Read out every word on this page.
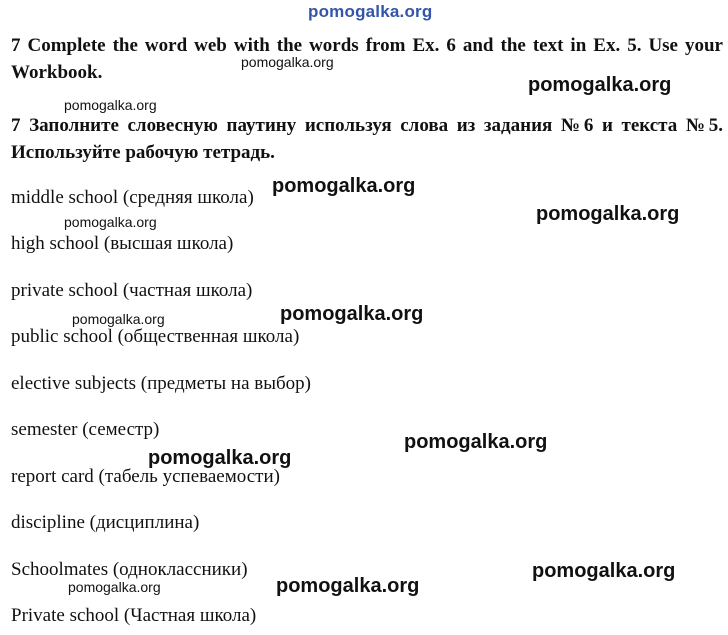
pomogalka.org
7 Complete the word web with the words from Ex. 6 and the text in Ex. 5. Use your Workbook.
7 Заполните словесную паутину используя слова из задания №6 и текста №5. Используйте рабочую тетрадь.
middle school (средняя школа)
high school (высшая школа)
private school (частная школа)
public school (общественная школа)
elective subjects (предметы на выбор)
semester (семестр)
report card (табель успеваемости)
discipline (дисциплина)
Schoolmates (одноклассники)
Private school (Частная школа)
pomogalka.org
pomogalka.org
pomogalka.org
pomogalka.org
pomogalka.org
pomogalka.org
pomogalka.org
pomogalka.org
pomogalka.org
pomogalka.org
pomogalka.org
pomogalka.org
pomogalka.org
